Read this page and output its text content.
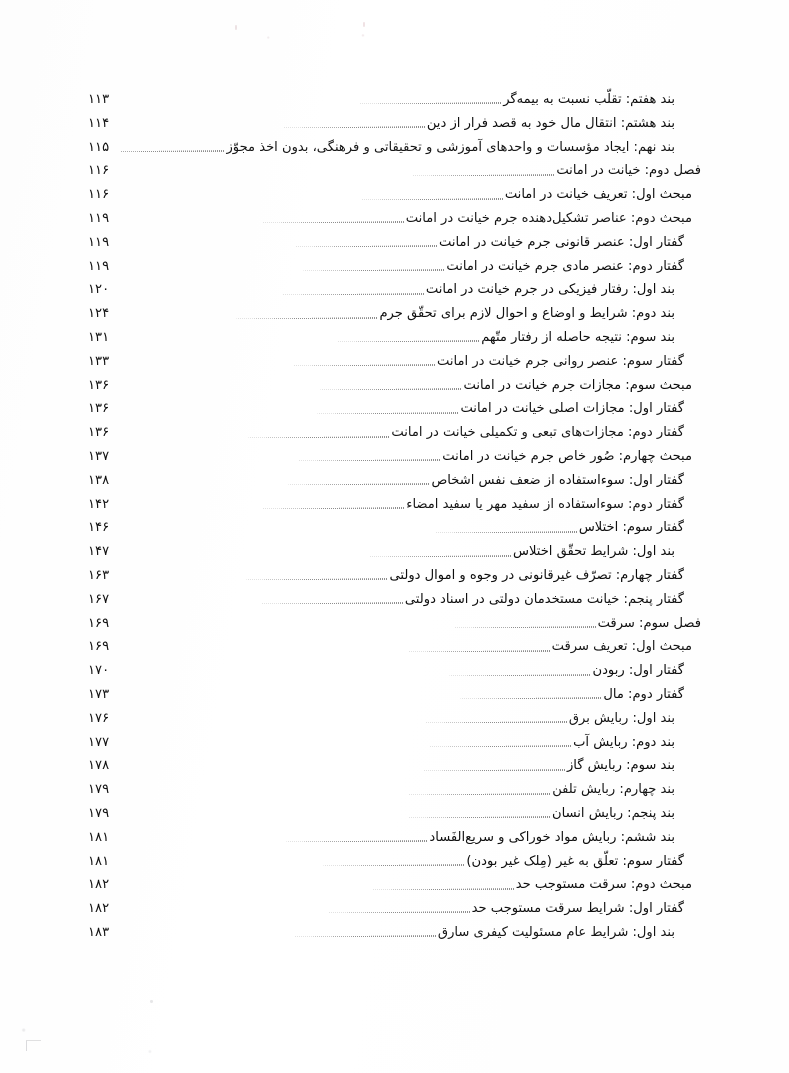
بند هفتم: تقلّب نسبت به بیمه‌گر
۱۱۳
بند هشتم: انتقال مال خود به قصد فرار از دین
۱۱۴
بند نهم: ایجاد مؤسسات و واحدهای آموزشی و تحقیقاتی و فرهنگی، بدون اخذ مجوّز
۱۱۵
فصل دوم: خیانت در امانت
۱۱۶
مبحث اول: تعریف خیانت در امانت
۱۱۶
مبحث دوم: عناصر تشکیل‌دهنده جرم خیانت در امانت
۱۱۹
گفتار اول: عنصر قانونی جرم خیانت در امانت
۱۱۹
گفتار دوم: عنصر مادی جرم خیانت در امانت
۱۱۹
بند اول: رفتار فیزیکی در جرم خیانت در امانت
۱۲۰
بند دوم: شرایط و اوضاع و احوال لازم برای تحقّق جرم
۱۲۴
بند سوم: نتیجه حاصله از رفتار متّهم
۱۳۱
گفتار سوم: عنصر روانی جرم خیانت در امانت
۱۳۳
مبحث سوم: مجازات جرم خیانت در امانت
۱۳۶
گفتار اول: مجازات اصلی خیانت در امانت
۱۳۶
گفتار دوم: مجازات‌های تبعی و تکمیلی خیانت در امانت
۱۳۶
مبحث چهارم: صُور خاص جرم خیانت در امانت
۱۳۷
گفتار اول: سوءاستفاده از ضعف نفس اشخاص
۱۳۸
گفتار دوم: سوءاستفاده از سفید مهر یا سفید امضاء
۱۴۲
گفتار سوم: اختلاس
۱۴۶
بند اول: شرایط تحقّق اختلاس
۱۴۷
گفتار چهارم: تصرّف غیرقانونی در وجوه و اموال دولتی
۱۶۳
گفتار پنجم: خیانت مستخدمان دولتی در اسناد دولتی
۱۶۷
فصل سوم: سرقت
۱۶۹
مبحث اول: تعریف سرقت
۱۶۹
گفتار اول: ربودن
۱۷۰
گفتار دوم: مال
۱۷۳
بند اول: ربایش برق
۱۷۶
بند دوم: ربایش آب
۱۷۷
بند سوم: ربایش گاز
۱۷۸
بند چهارم: ربایش تلفن
۱۷۹
بند پنجم: ربایش انسان
۱۷۹
بند ششم: ربایش مواد خوراکی و سریع‌الفَساد
۱۸۱
گفتار سوم: تعلّق به غیر (مِلک غیر بودن)
۱۸۱
مبحث دوم: سرقت مستوجب حد
۱۸۲
گفتار اول: شرایط سرقت مستوجب حد
۱۸۲
بند اول: شرایط عام مسئولیت کیفری سارق
۱۸۳
